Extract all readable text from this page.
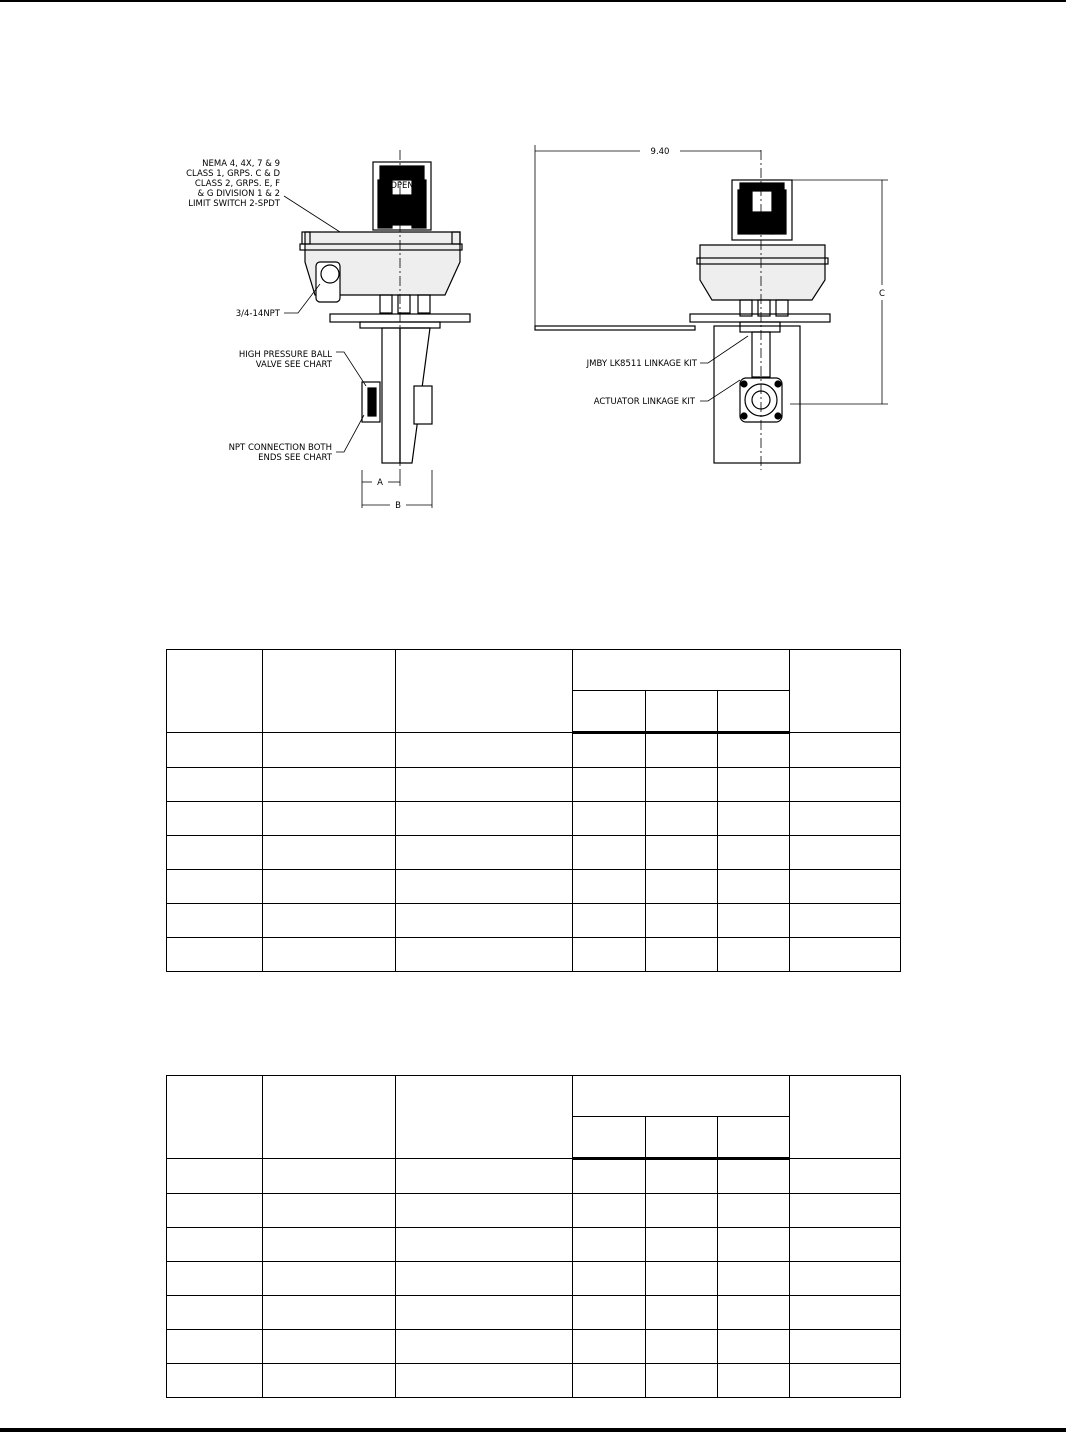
NEMA 4, 4X, 7 & 9
CLASS 1, GRPS. C & D
CLASS 2, GRPS. E, F
& G DIVISION 1 & 2
LIMIT SWITCH 2-SPDT
3/4-14NPT
HIGH PRESSURE BALL
VALVE SEE CHART
NPT CONNECTION BOTH
ENDS SEE CHART
JMBY LK8511 LINKAGE KIT
ACTUATOR LINKAGE KIT
A
B
9.40
C
OPEN
OPEN
